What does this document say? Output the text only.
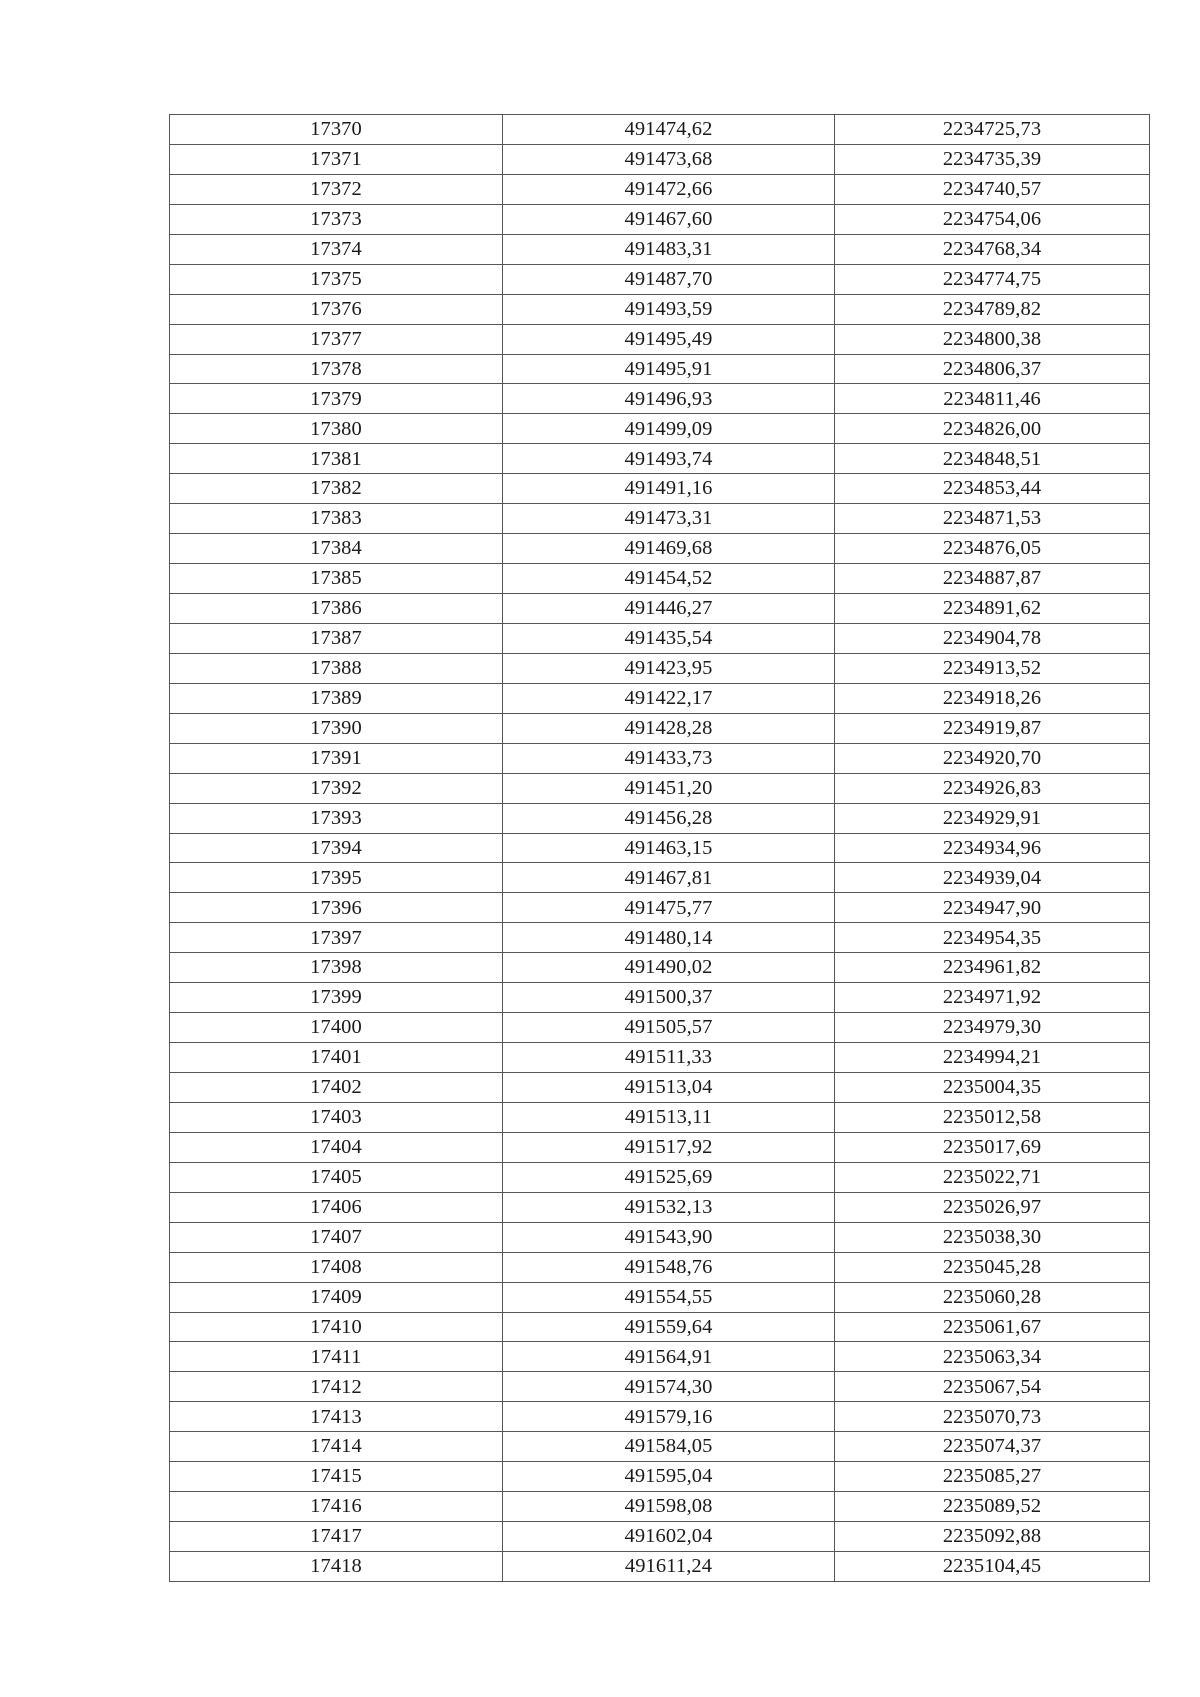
17370	491474,62	2234725,73
17371	491473,68	2234735,39
17372	491472,66	2234740,57
17373	491467,60	2234754,06
17374	491483,31	2234768,34
17375	491487,70	2234774,75
17376	491493,59	2234789,82
17377	491495,49	2234800,38
17378	491495,91	2234806,37
17379	491496,93	2234811,46
17380	491499,09	2234826,00
17381	491493,74	2234848,51
17382	491491,16	2234853,44
17383	491473,31	2234871,53
17384	491469,68	2234876,05
17385	491454,52	2234887,87
17386	491446,27	2234891,62
17387	491435,54	2234904,78
17388	491423,95	2234913,52
17389	491422,17	2234918,26
17390	491428,28	2234919,87
17391	491433,73	2234920,70
17392	491451,20	2234926,83
17393	491456,28	2234929,91
17394	491463,15	2234934,96
17395	491467,81	2234939,04
17396	491475,77	2234947,90
17397	491480,14	2234954,35
17398	491490,02	2234961,82
17399	491500,37	2234971,92
17400	491505,57	2234979,30
17401	491511,33	2234994,21
17402	491513,04	2235004,35
17403	491513,11	2235012,58
17404	491517,92	2235017,69
17405	491525,69	2235022,71
17406	491532,13	2235026,97
17407	491543,90	2235038,30
17408	491548,76	2235045,28
17409	491554,55	2235060,28
17410	491559,64	2235061,67
17411	491564,91	2235063,34
17412	491574,30	2235067,54
17413	491579,16	2235070,73
17414	491584,05	2235074,37
17415	491595,04	2235085,27
17416	491598,08	2235089,52
17417	491602,04	2235092,88
17418	491611,24	2235104,45
